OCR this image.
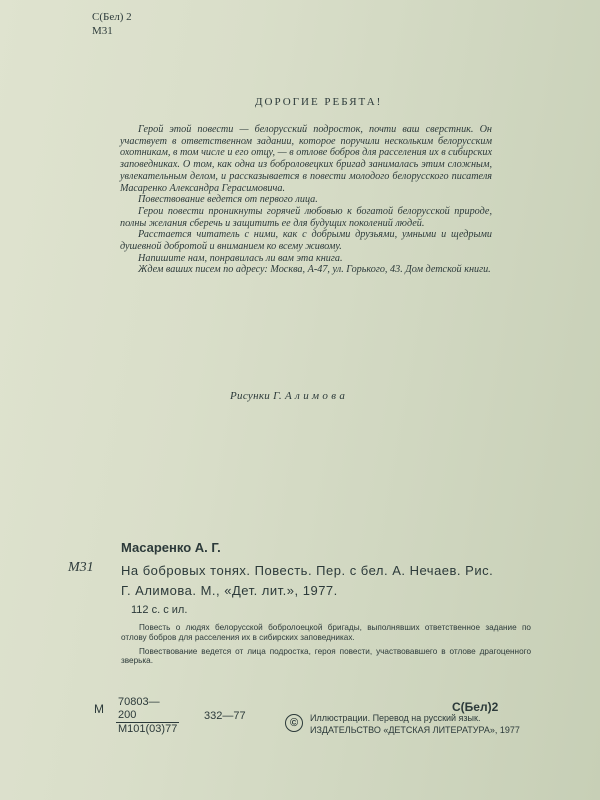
С(Бел) 2
М31
ДОРОГИЕ РЕБЯТА!

Герой этой повести — белорусский подросток, почти ваш сверстник. Он участвует в ответственном задании, которое поручили нескольким белорусским охотникам, в том числе и его отцу, — в отлове бобров для расселения их в сибирских заповедниках. О том, как одна из боброловецких бригад занималась этим сложным, увлекательным делом, и рассказывается в повести молодого белорусского писателя Масаренко Александра Герасимовича.

Повествование ведется от первого лица.

Герои повести проникнуты горячей любовью к богатой белорусской природе, полны желания сберечь и защитить ее для будущих поколений людей.

Расстается читатель с ними, как с добрыми друзьями, умными и щедрыми душевной добротой и вниманием ко всему живому.

Напишите нам, понравилась ли вам эта книга.

Ждем ваших писем по адресу: Москва, А-47, ул. Горького, 43. Дом детской книги.

Рисунки Г. А л и м о в а
Масаренко А. Г.
М31 На бобровых тонях. Повесть. Пер. с бел. А. Нечаев. Рис. Г. Алимова. М., «Дет. лит.», 1977.
112 с. с ил.

Повесть о людях белорусской бобролоецкой бригады, выполнявших ответственное задание по отлову бобров для расселения их в сибирских заповедниках.

Повествование ведется от лица подростка, героя повести, участвовавшего в отлове драгоценного зверька.

М 70803—200
М101(03)77
332—77
С(Бел)2
©	Иллюстрации. Перевод на русский язык.
ИЗДАТЕЛЬСТВО «ДЕТСКАЯ ЛИТЕРАТУРА», 1977
